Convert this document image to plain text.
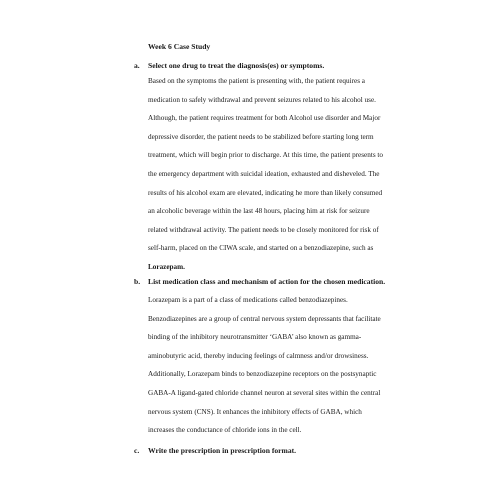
Week 6 Case Study
a. Select one drug to treat the diagnosis(es) or symptoms.
Based on the symptoms the patient is presenting with, the patient requires a
medication to safely withdrawal and prevent seizures related to his alcohol use.
Although, the patient requires treatment for both Alcohol use disorder and Major
depressive disorder, the patient needs to be stabilized before starting long term
treatment, which will begin prior to discharge. At this time, the patient presents to
the emergency department with suicidal ideation, exhausted and disheveled. The
results of his alcohol exam are elevated, indicating he more than likely consumed
an alcoholic beverage within the last 48 hours, placing him at risk for seizure
related withdrawal activity. The patient needs to be closely monitored for risk of
self-harm, placed on the CIWA scale, and started on a benzodiazepine, such as
Lorazepam.
b. List medication class and mechanism of action for the chosen medication.
Lorazepam is a part of a class of medications called benzodiazepines.
Benzodiazepines are a group of central nervous system depressants that facilitate
binding of the inhibitory neurotransmitter ‘GABA’ also known as gamma-
aminobutyric acid, thereby inducing feelings of calmness and/or drowsiness.
Additionally, Lorazepam binds to benzodiazepine receptors on the postsynaptic
GABA-A ligand-gated chloride channel neuron at several sites within the central
nervous system (CNS). It enhances the inhibitory effects of GABA, which
increases the conductance of chloride ions in the cell.
c. Write the prescription in prescription format.
